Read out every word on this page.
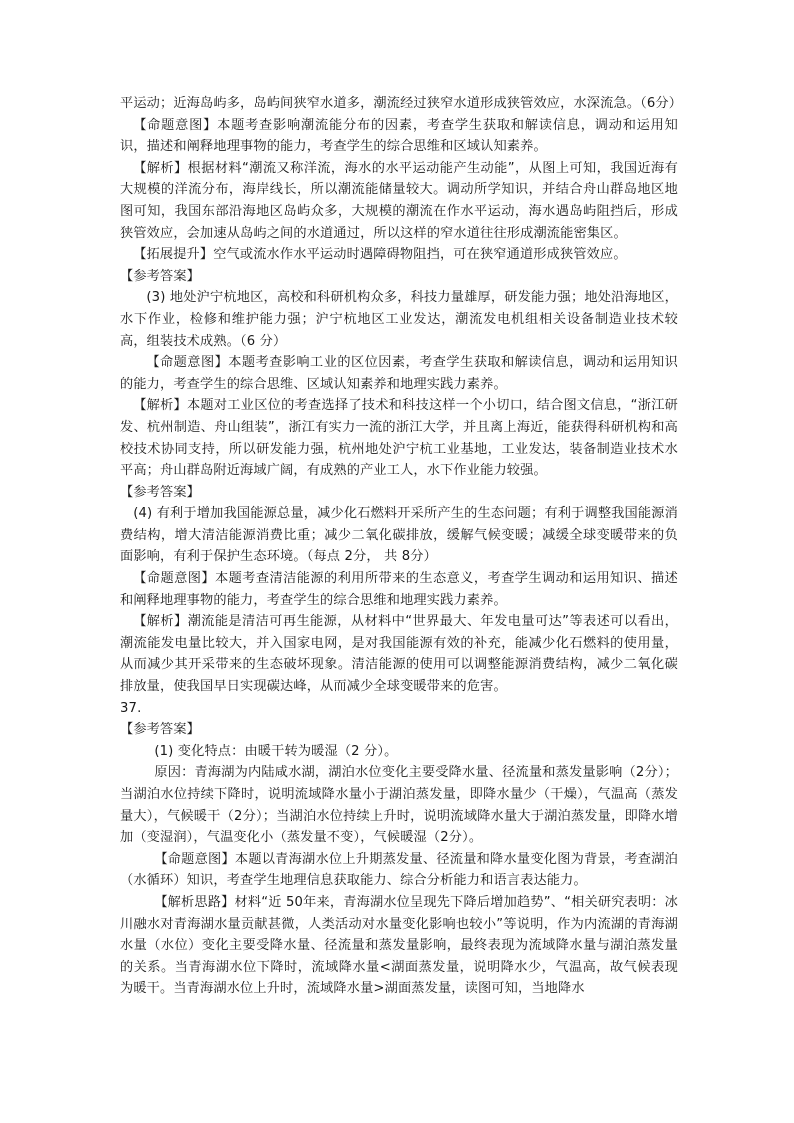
平运动；近海岛屿多，岛屿间狭窄水道多，潮流经过狭窄水道形成狭管效应，水深流急。（6分）

【命题意图】本题考查影响潮流能分布的因素，考查学生获取和解读信息，调动和运用知识，描述和阐释地理事物的能力，考查学生的综合思维和区域认知素养。

【解析】根据材料“潮流又称洋流，海水的水平运动能产生动能”，从图上可知，我国近海有大规模的洋流分布，海岸线长，所以潮流能储量较大。调动所学知识，并结合舟山群岛地区地图可知，我国东部沿海地区岛屿众多，大规模的潮流在作水平运动，海水遇岛屿阻挡后，形成狭管效应，会加速从岛屿之间的水道通过，所以这样的窄水道往往形成潮流能密集区。

【拓展提升】空气或流水作水平运动时遇障碍物阻挡，可在狭窄通道形成狭管效应。

【参考答案】

(3) 地处沪宁杭地区，高校和科研机构众多，科技力量雄厚，研发能力强；地处沿海地区，水下作业，检修和维护能力强；沪宁杭地区工业发达，潮流发电机组相关设备制造业技术较高，组装技术成熟。（6 分）

【命题意图】本题考查影响工业的区位因素，考查学生获取和解读信息，调动和运用知识的能力，考查学生的综合思维、区域认知素养和地理实践力素养。

【解析】本题对工业区位的考查选择了技术和科技这样一个小切口，结合图文信息，“浙江研发、杭州制造、舟山组装”，浙江有实力一流的浙江大学，并且离上海近，能获得科研机构和高校技术协同支持，所以研发能力强，杭州地处沪宁杭工业基地，工业发达，装备制造业技术水平高；舟山群岛附近海域广阔，有成熟的产业工人，水下作业能力较强。

【参考答案】

(4) 有利于增加我国能源总量，减少化石燃料开采所产生的生态问题；有利于调整我国能源消费结构，增大清洁能源消费比重；减少二氧化碳排放，缓解气候变暖；减缓全球变暖带来的负面影响，有利于保护生态环境。（每点 2分， 共 8分）

【命题意图】本题考查清洁能源的利用所带来的生态意义，考查学生调动和运用知识、描述和阐释地理事物的能力，考查学生的综合思维和地理实践力素养。

【解析】潮流能是清洁可再生能源，从材料中“世界最大、年发电量可达”等表述可以看出，潮流能发电量比较大，并入国家电网，是对我国能源有效的补充，能减少化石燃料的使用量，从而减少其开采带来的生态破坏现象。清洁能源的使用可以调整能源消费结构，减少二氧化碳排放量，使我国早日实现碳达峰，从而减少全球变暖带来的危害。

37.

【参考答案】

(1) 变化特点：由暖干转为暖湿（2 分）。

原因：青海湖为内陆咸水湖，湖泊水位变化主要受降水量、径流量和蒸发量影响（2分）；当湖泊水位持续下降时，说明流域降水量小于湖泊蒸发量，即降水量少（干燥），气温高（蒸发量大），气候暖干（2分）；当湖泊水位持续上升时，说明流域降水量大于湖泊蒸发量，即降水增加（变湿润），气温变化小（蒸发量不变），气候暖湿（2分）。

【命题意图】本题以青海湖水位上升期蒸发量、径流量和降水量变化图为背景，考查湖泊（水循环）知识，考查学生地理信息获取能力、综合分析能力和语言表达能力。

【解析思路】材料“近 50年来，青海湖水位呈现先下降后增加趋势”、“相关研究表明：冰川融水对青海湖水量贡献甚微，人类活动对水量变化影响也较小”等说明，作为内流湖的青海湖水量（水位）变化主要受降水量、径流量和蒸发量影响，最终表现为流域降水量与湖泊蒸发量的关系。当青海湖水位下降时，流域降水量<湖面蒸发量，说明降水少，气温高，故气候表现为暖干。当青海湖水位上升时，流域降水量>湖面蒸发量，读图可知，当地降水
